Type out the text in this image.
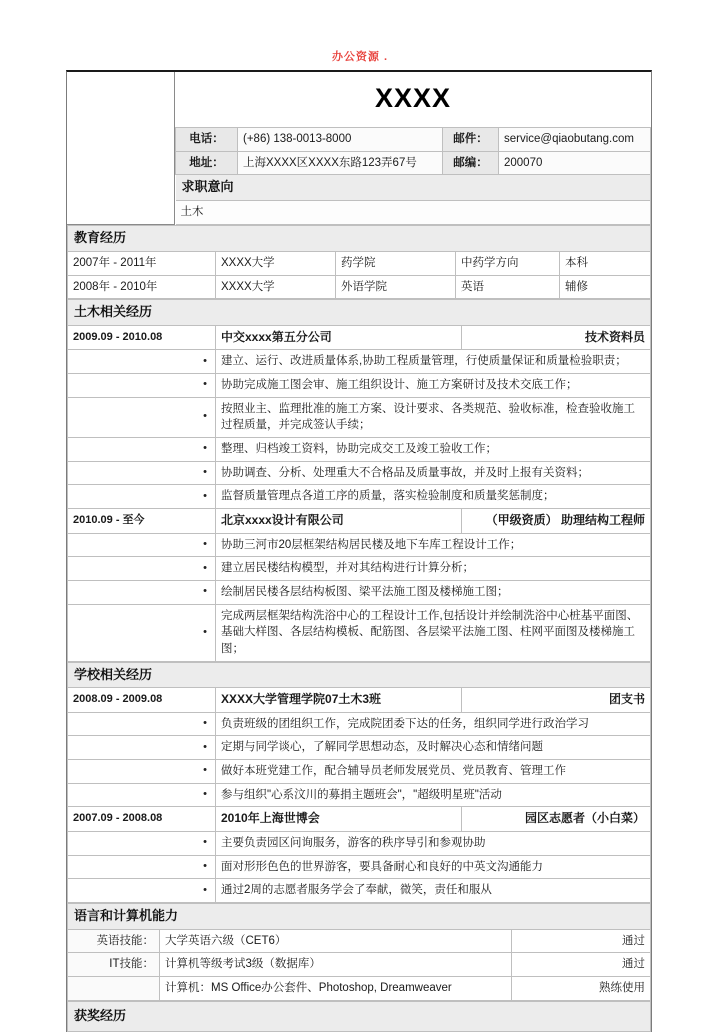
办公资源 .
XXXX			
电话：	(+86) 138-0013-8000	邮件：	service@qiaobutang.com
地址：	上海XXXX区XXXX东路123弄67号	邮编：	200070
求职意向			
土木			
教育经历				
2007年 - 2011年	XXXX大学	药学院	中药学方向	本科
2008年 - 2010年	XXXX大学	外语学院	英语	辅修
土木相关经历		
2009.09 - 2010.08	中交xxxx第五分公司	技术资料员
•	建立、运行、改进质量体系,协助工程质量管理，行使质量保证和质量检验职责；	
•	协助完成施工图会审、施工组织设计、施工方案研讨及技术交底工作；	
•	按照业主、监理批准的施工方案、设计要求、各类规范、验收标准，检查验收施工过程质量，并完成签认手续；	
•	整理、归档竣工资料，协助完成交工及竣工验收工作；	
•	协助调查、分析、处理重大不合格品及质量事故，并及时上报有关资料；	
•	监督质量管理点各道工序的质量，落实检验制度和质量奖惩制度；	
2010.09 - 至今	北京xxxx设计有限公司	（甲级资质） 助理结构工程师
•	协助三河市20层框架结构居民楼及地下车库工程设计工作；	
•	建立居民楼结构模型，并对其结构进行计算分析；	
•	绘制居民楼各层结构板图、梁平法施工图及楼梯施工图；	
•	完成两层框架结构洗浴中心的工程设计工作,包括设计并绘制洗浴中心桩基平面图、基础大样图、各层结构模板、配筋图、各层梁平法施工图、柱网平面图及楼梯施工图；	
学校相关经历		
2008.09 - 2009.08	XXXX大学管理学院07土木3班	团支书
•	负责班级的团组织工作，完成院团委下达的任务，组织同学进行政治学习	
•	定期与同学谈心，了解同学思想动态，及时解决心态和情绪问题	
•	做好本班党建工作，配合辅导员老师发展党员、党员教育、管理工作	
•	参与组织"心系汶川的募捐主题班会"，"超级明星班"活动	
2007.09 - 2008.08	2010年上海世博会	园区志愿者（小白菜）
•	主要负责园区问询服务，游客的秩序导引和参观协助	
•	面对形形色色的世界游客，要具备耐心和良好的中英文沟通能力	
•	通过2周的志愿者服务学会了奉献，微笑，责任和服从	
语言和计算机能力		
英语技能：	大学英语六级（CET6）	通过
IT技能：	计算机等级考试3级（数据库）	通过
	计算机：MS Office办公套件、Photoshop, Dreamweaver	熟练使用
获奖经历
